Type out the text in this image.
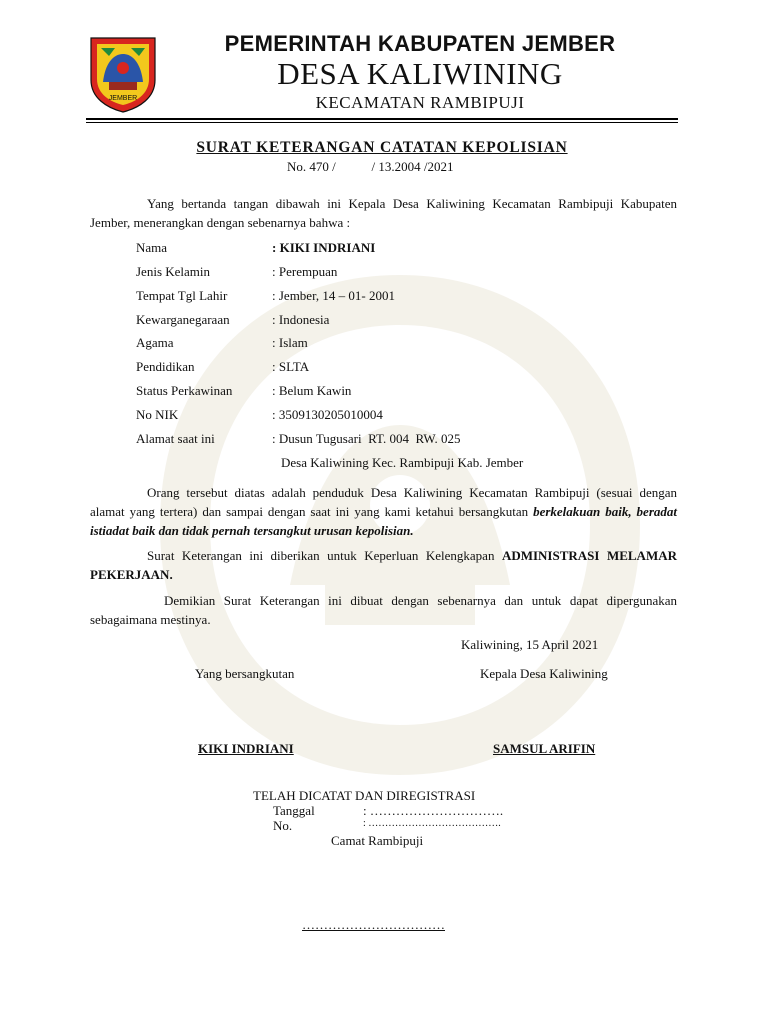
JEMBER
PEMERINTAH KABUPATEN JEMBER
DESA KALIWINING
KECAMATAN RAMBIPUJI
SURAT KETERANGAN CATATAN KEPOLISIAN
No. 470 /           / 13.2004 /2021
Yang bertanda tangan dibawah ini Kepala Desa Kaliwining Kecamatan Rambipuji Kabupaten Jember, menerangkan dengan sebenarnya bahwa :
Nama	: KIKI INDRIANI
Jenis Kelamin	: Perempuan
Tempat Tgl Lahir	: Jember, 14 – 01- 2001
Kewarganegaraan	: Indonesia
Agama	: Islam
Pendidikan	: SLTA
Status Perkawinan	: Belum Kawin
No NIK	: 3509130205010004
Alamat saat ini	: Dusun Tugusari  RT. 004  RW. 025
Desa Kaliwining Kec. Rambipuji Kab. Jember
Orang tersebut diatas adalah penduduk Desa Kaliwining Kecamatan Rambipuji (sesuai dengan alamat yang tertera) dan sampai dengan saat ini yang kami ketahui bersangkutan berkelakuan baik, beradat istiadat baik dan tidak pernah tersangkut urusan kepolisian.
Surat Keterangan ini diberikan untuk Keperluan Kelengkapan ADMINISTRASI MELAMAR PEKERJAAN.
Demikian Surat Keterangan ini dibuat dengan sebenarnya dan untuk dapat dipergunakan sebagaimana mestinya.
Kaliwining, 15 April 2021
Yang bersangkutan	Kepala Desa Kaliwining
KIKI INDRIANI	SAMSUL ARIFIN
TELAH DICATAT DAN DIREGISTRASI
Tanggal	: ………………………….
No.	: ………………………………….
Camat Rambipuji
……………………………
